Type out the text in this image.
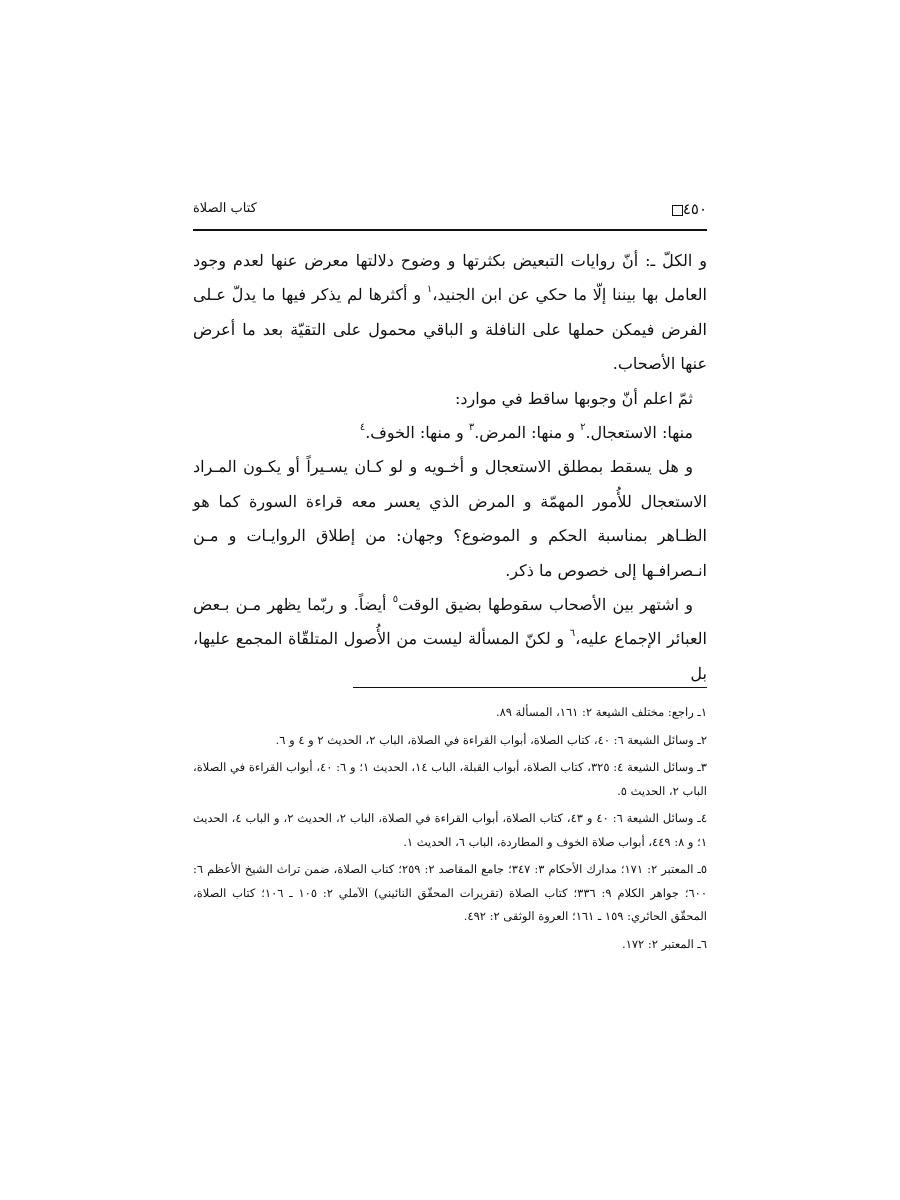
٤٥٠
كتاب الصلاة

و الكلّ ـ: أنّ روايات التبعيض بكثرتها و وضوح دلالتها معرض عنها لعدم وجود العامل بها بيننا إلّا ما حكي عن ابن الجنيد،$^١$ و أكثرها لم يذكر فيها ما يدلّ عـلى الفرض فيمكن حملها على النافلة و الباقي محمول على التقيّة بعد ما أعرض عنها الأصحاب.

ثمّ اعلم أنّ وجوبها ساقط في موارد:

منها: الاستعجال.$^٢$ و منها: المرض.$^٣$ و منها: الخوف.$^٤$

و هل يسقط بمطلق الاستعجال و أخـويه و لو كـان يسـيراً أو يكـون المـراد الاستعجال للأُمور المهمّة و المرض الذي يعسر معه قراءة السورة كما هو الظـاهر بمناسبة الحكم و الموضوع؟ وجهان: من إطلاق الروايـات و مـن انـصرافـها إلى خصوص ما ذكر.

و اشتهر بين الأصحاب سقوطها بضيق الوقت$^٥$ أيضاً. و ربّما يظهر مـن بـعض العبائر الإجماع عليه،$^٦$ و لكنّ المسألة ليست من الأُصول المتلقّاة المجمع عليها، بل

١ـ راجع: مختلف الشيعة ٢: ١٦١، المسألة ٨٩.

٢ـ وسائل الشيعة ٦: ٤٠، كتاب الصلاة، أبواب القراءة في الصلاة، الباب ٢، الحديث ٢ و ٤ و ٦.

٣ـ وسائل الشيعة ٤: ٣٢٥، كتاب الصلاة، أبواب القبلة، الباب ١٤، الحديث ١؛ و ٦: ٤٠، أبواب القراءة في الصلاة، الباب ٢، الحديث ٥.

٤ـ وسائل الشيعة ٦: ٤٠ و ٤٣، كتاب الصلاة، أبواب القراءة في الصلاة، الباب ٢، الحديث ٢، و الباب ٤، الحديث ١؛ و ٨: ٤٤٩، أبواب صلاة الخوف و المطاردة، الباب ٦، الحديث ١.

٥ـ المعتبر ٢: ١٧١؛ مدارك الأحكام ٣: ٣٤٧؛ جامع المقاصد ٢: ٢٥٩؛ كتاب الصلاة، ضمن تراث الشيخ الأعظم ٦: ٦٠٠؛ جواهر الكلام ٩: ٣٣٦؛ كتاب الصلاة (تقريرات المحقّق النائيني) الآملي ٢: ١٠٥ ـ ١٠٦؛ كتاب الصلاة، المحقّق الحائري: ١٥٩ ـ ١٦١؛ العروة الوثقى ٢: ٤٩٢.

٦ـ المعتبر ٢: ١٧٢.
